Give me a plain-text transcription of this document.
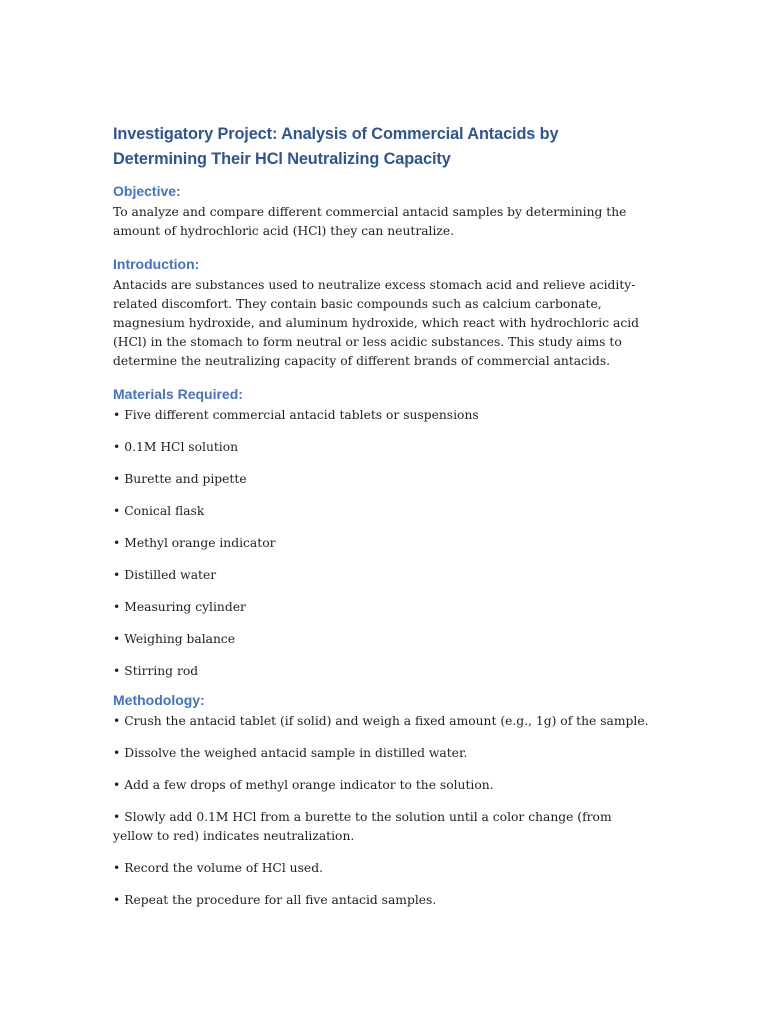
Investigatory Project: Analysis of Commercial Antacids by Determining Their HCl Neutralizing Capacity
Objective:

To analyze and compare different commercial antacid samples by determining the amount of hydrochloric acid (HCl) they can neutralize.

Introduction:

Antacids are substances used to neutralize excess stomach acid and relieve acidity-related discomfort. They contain basic compounds such as calcium carbonate, magnesium hydroxide, and aluminum hydroxide, which react with hydrochloric acid (HCl) in the stomach to form neutral or less acidic substances. This study aims to determine the neutralizing capacity of different brands of commercial antacids.

Materials Required:
• Five different commercial antacid tablets or suspensions
• 0.1M HCl solution
• Burette and pipette
• Conical flask
• Methyl orange indicator
• Distilled water
• Measuring cylinder
• Weighing balance
• Stirring rod
Methodology:
• Crush the antacid tablet (if solid) and weigh a fixed amount (e.g., 1g) of the sample.
• Dissolve the weighed antacid sample in distilled water.
• Add a few drops of methyl orange indicator to the solution.
• Slowly add 0.1M HCl from a burette to the solution until a color change (from yellow to red) indicates neutralization.
• Record the volume of HCl used.
• Repeat the procedure for all five antacid samples.
